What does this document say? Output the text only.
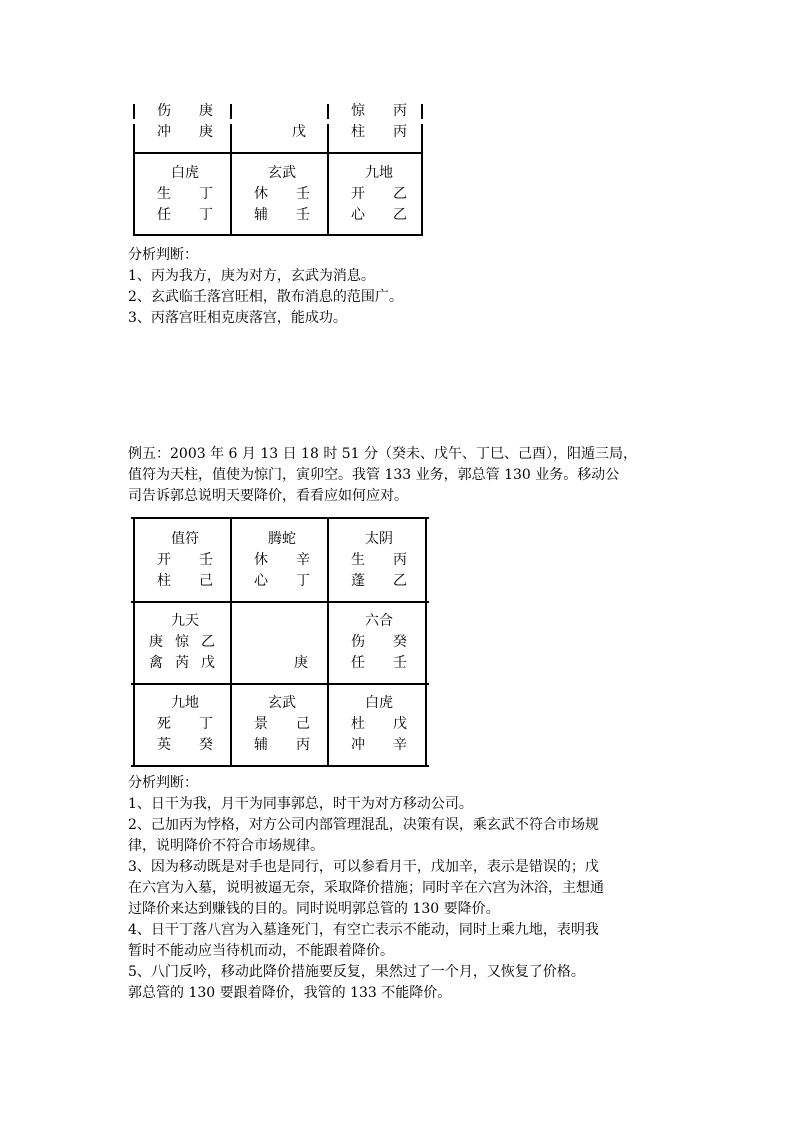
伤 庚
冲 庚	戊
惊 丙
柱 丙
白虎
生 丁
任 丁
玄武
休 壬
辅 壬
九地
开 乙
心 乙

分析判断：

1、丙为我方，庚为对方，玄武为消息。

2、玄武临壬落宫旺相，散布消息的范围广。

3、丙落宫旺相克庚落宫，能成功。

例五：2003 年 6 月 13 日 18 时 51 分（癸未、戊午、丁巳、己酉），阳遁三局，

值符为天柱，值使为惊门，寅卯空。我管 133 业务，郭总管 130 业务。移动公

司告诉郭总说明天要降价，看看应如何应对。

值符
开 壬
柱 己
腾蛇
休 辛
心 丁
太阴
生 丙
蓬 乙
九天
庚 惊 乙
禽 芮 戊	庚
六合
伤 癸
任 壬
九地
死 丁
英 癸
玄武
景 己
辅 丙
白虎
杜 戊
冲 辛

分析判断：

1、日干为我，月干为同事郭总，时干为对方移动公司。

2、己加丙为悖格，对方公司内部管理混乱，决策有误，乘玄武不符合市场规

律，说明降价不符合市场规律。

3、因为移动既是对手也是同行，可以参看月干，戊加辛，表示是错误的；戊

在六宫为入墓，说明被逼无奈，采取降价措施；同时辛在六宫为沐浴，主想通

过降价来达到赚钱的目的。同时说明郭总管的 130 要降价。

4、日干丁落八宫为入墓逢死门，有空亡表示不能动，同时上乘九地，表明我

暂时不能动应当待机而动，不能跟着降价。

5、八门反吟，移动此降价措施要反复，果然过了一个月，又恢复了价格。

郭总管的 130 要跟着降价，我管的 133 不能降价。
